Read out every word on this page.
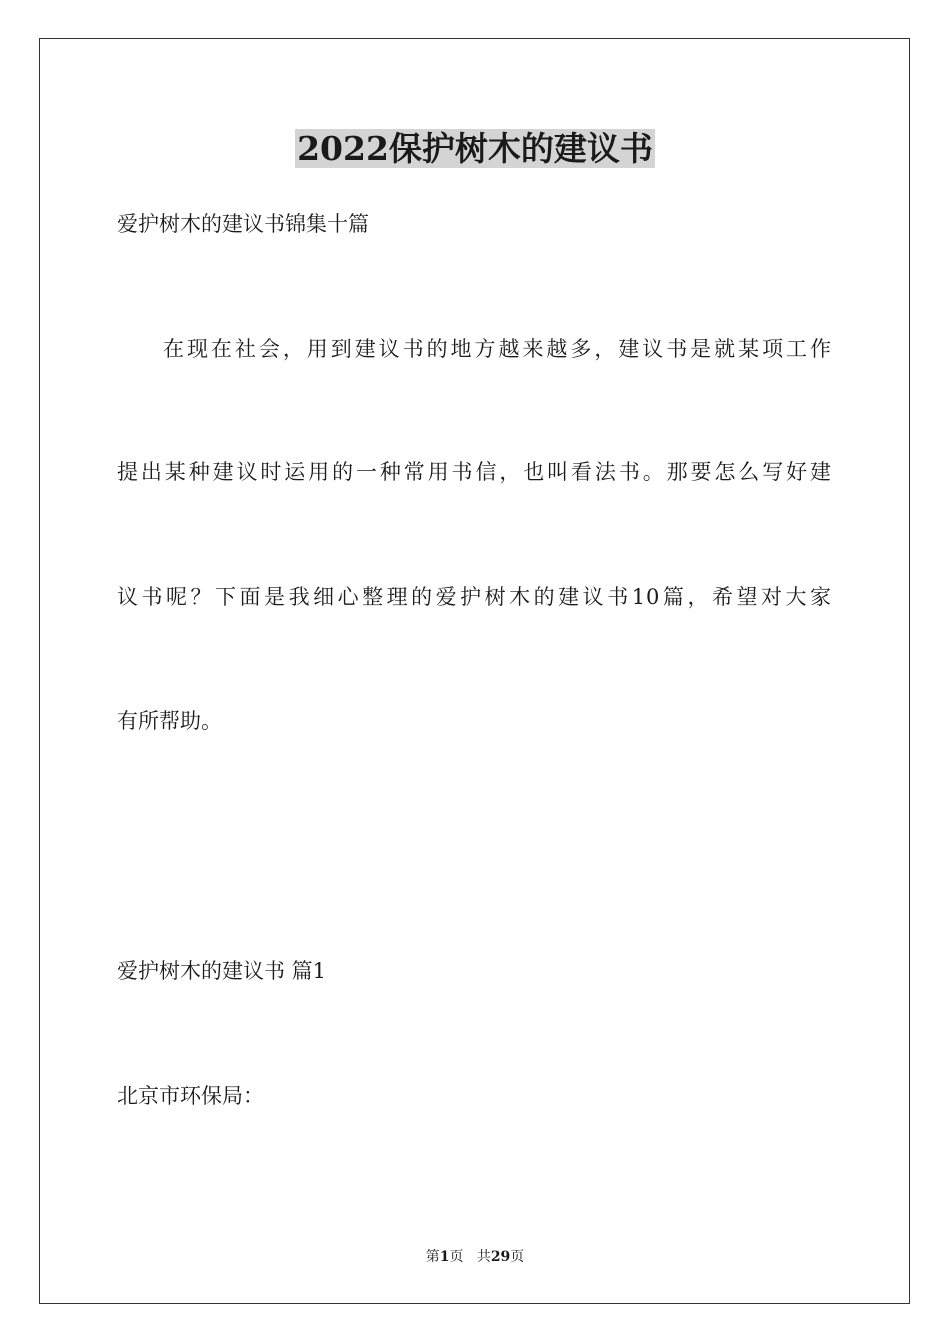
2022保护树木的建议书
爱护树木的建议书锦集十篇
在现在社会，用到建议书的地方越来越多，建议书是就某项工作
提出某种建议时运用的一种常用书信，也叫看法书。那要怎么写好建
议书呢？下面是我细心整理的爱护树木的建议书10篇，希望对大家
有所帮助。
爱护树木的建议书 篇1
北京市环保局：
第1页 共29页
